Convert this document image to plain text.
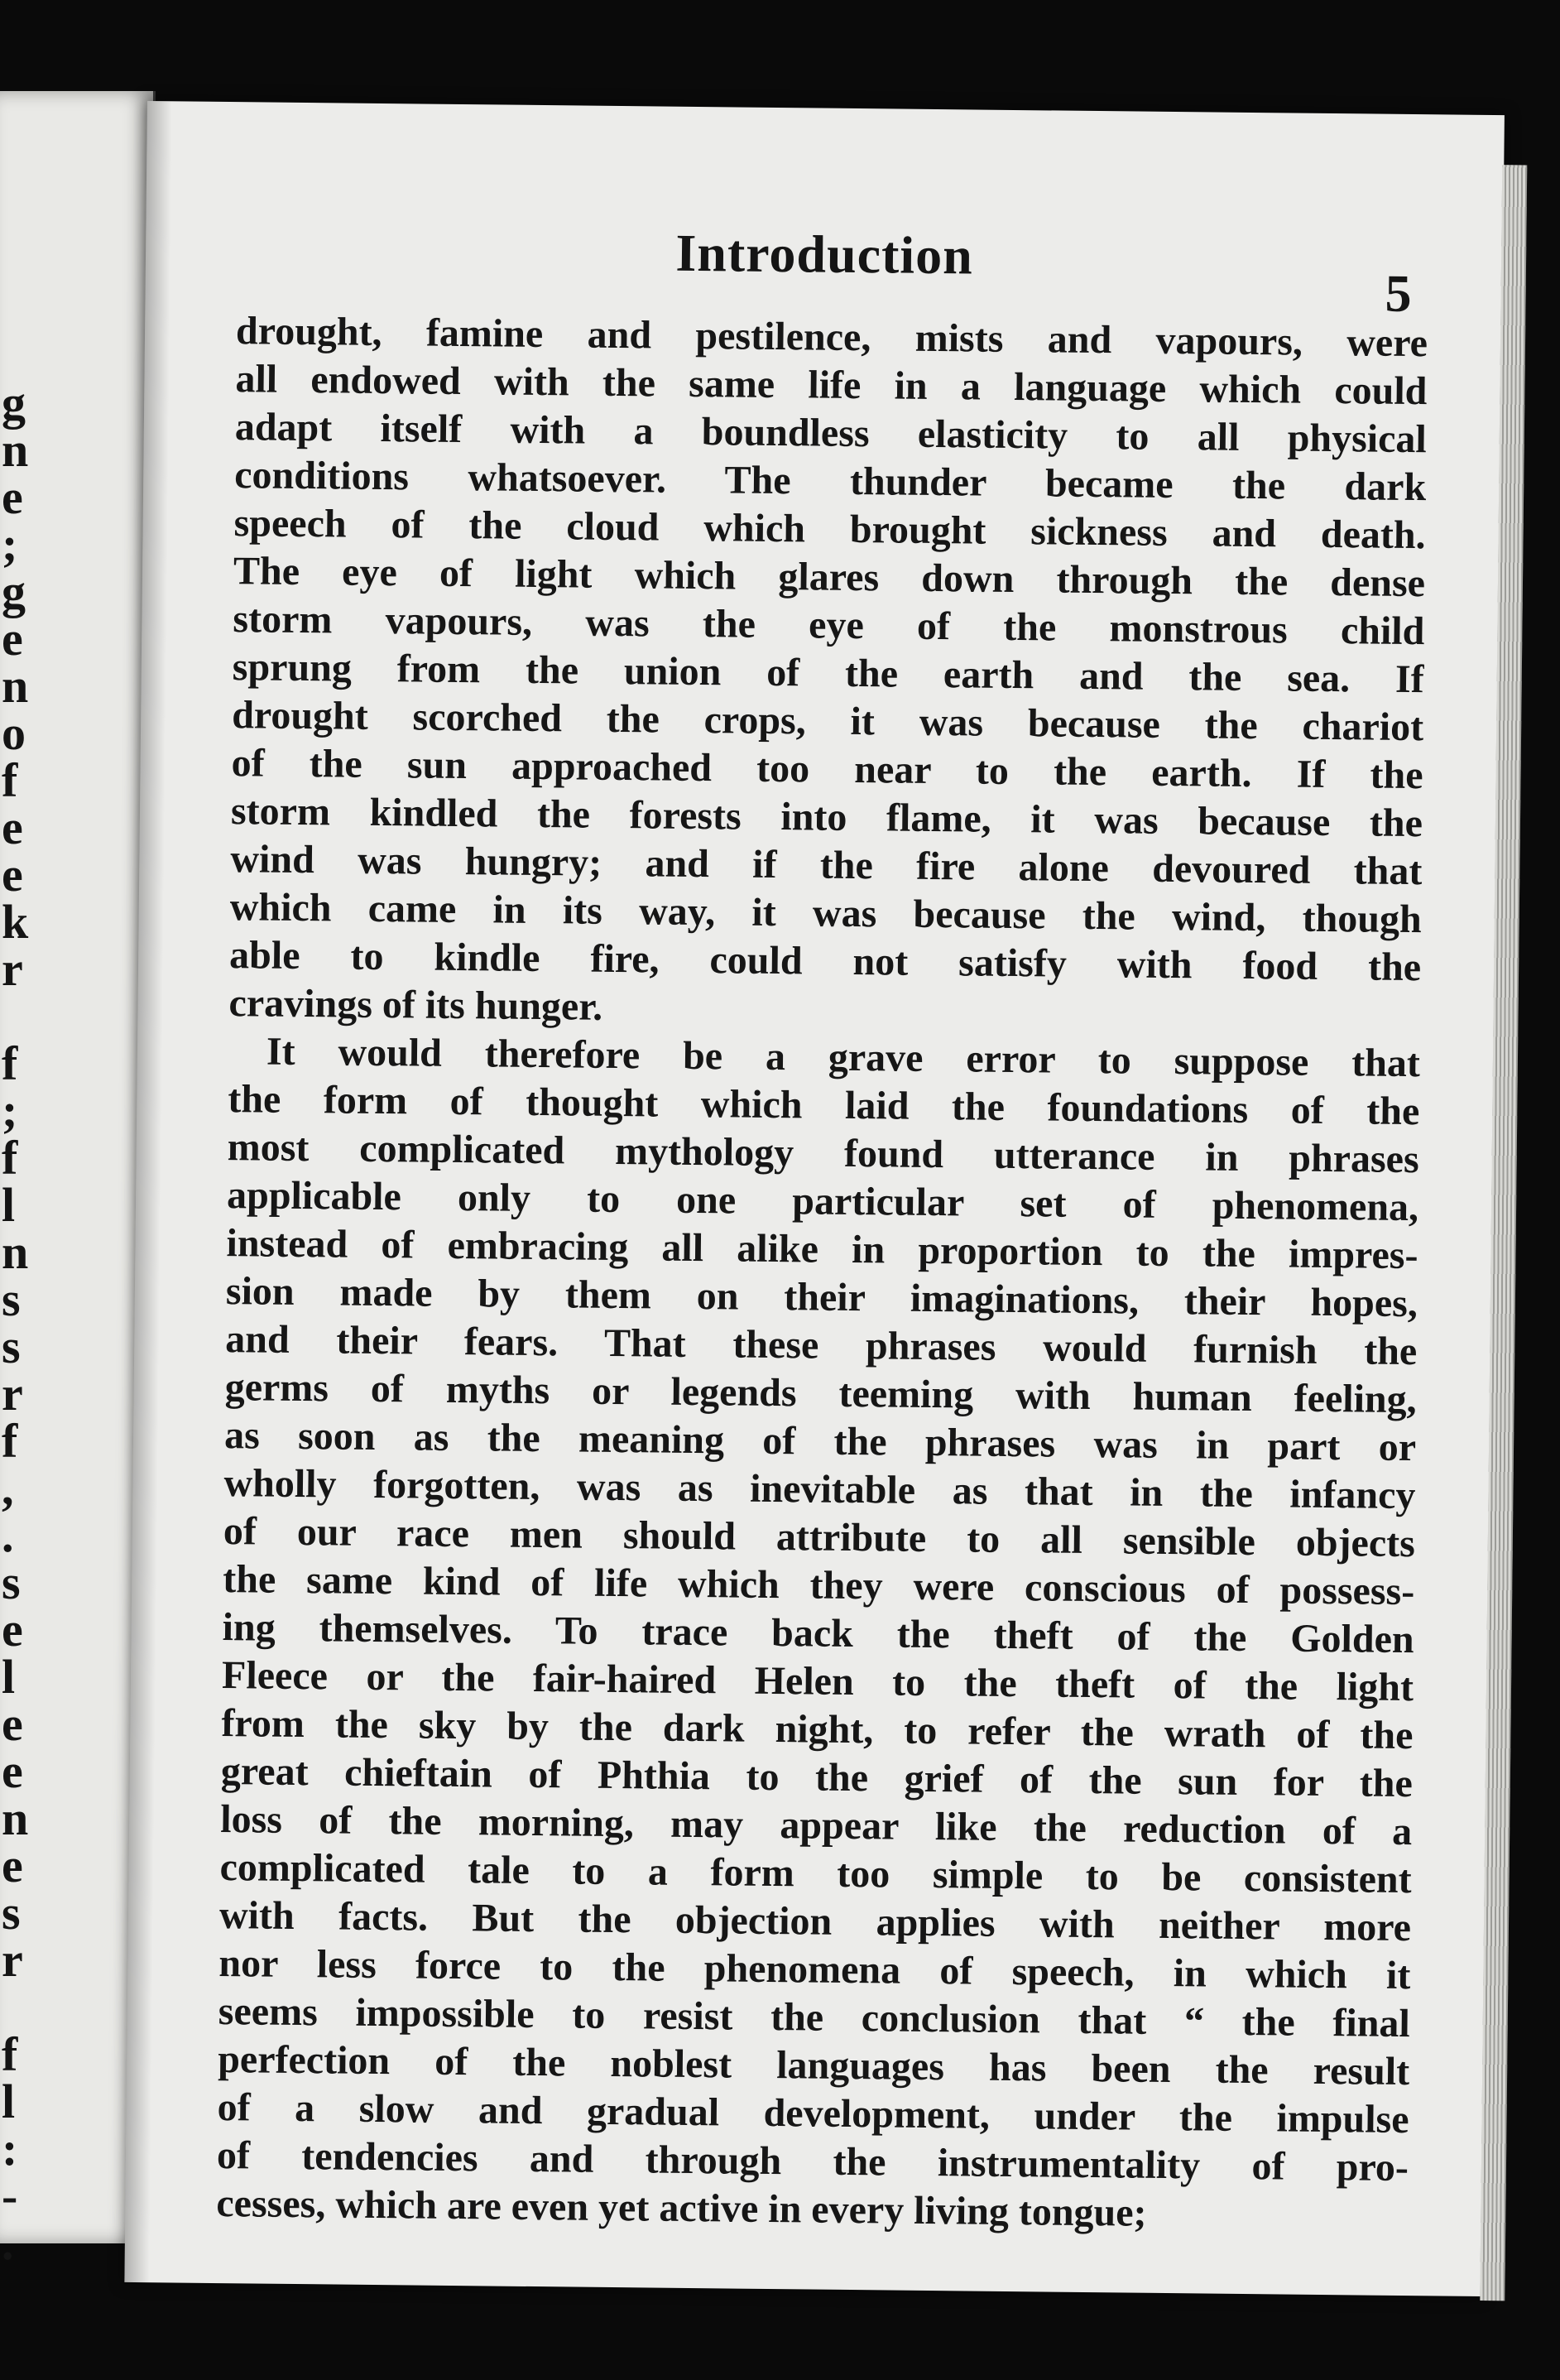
g
n
e
;
g
e
n
o
f
e
e
k
r
f
;
f
l
n
s
s
r
f
,
.
s
e
l
e
e
n
e
s
r
f
l
:
-
.
Introduction
5
drought, famine and pestilence, mists and vapours, were
all endowed with the same life in a language which could
adapt itself with a boundless elasticity to all physical
conditions whatsoever. The thunder became the dark
speech of the cloud which brought sickness and death.
The eye of light which glares down through the dense
storm vapours, was the eye of the monstrous child
sprung from the union of the earth and the sea. If
drought scorched the crops, it was because the chariot
of the sun approached too near to the earth. If the
storm kindled the forests into flame, it was because the
wind was hungry; and if the fire alone devoured that
which came in its way, it was because the wind, though
able to kindle fire, could not satisfy with food the
cravings of its hunger.
It would therefore be a grave error to suppose that
the form of thought which laid the foundations of the
most complicated mythology found utterance in phrases
applicable only to one particular set of phenomena,
instead of embracing all alike in proportion to the impres-
sion made by them on their imaginations, their hopes,
and their fears. That these phrases would furnish the
germs of myths or legends teeming with human feeling,
as soon as the meaning of the phrases was in part or
wholly forgotten, was as inevitable as that in the infancy
of our race men should attribute to all sensible objects
the same kind of life which they were conscious of possess-
ing themselves. To trace back the theft of the Golden
Fleece or the fair-haired Helen to the theft of the light
from the sky by the dark night, to refer the wrath of the
great chieftain of Phthia to the grief of the sun for the
loss of the morning, may appear like the reduction of a
complicated tale to a form too simple to be consistent
with facts. But the objection applies with neither more
nor less force to the phenomena of speech, in which it
seems impossible to resist the conclusion that “ the final
perfection of the noblest languages has been the result
of a slow and gradual development, under the impulse
of tendencies and through the instrumentality of pro-
cesses, which are even yet active in every living tongue;
